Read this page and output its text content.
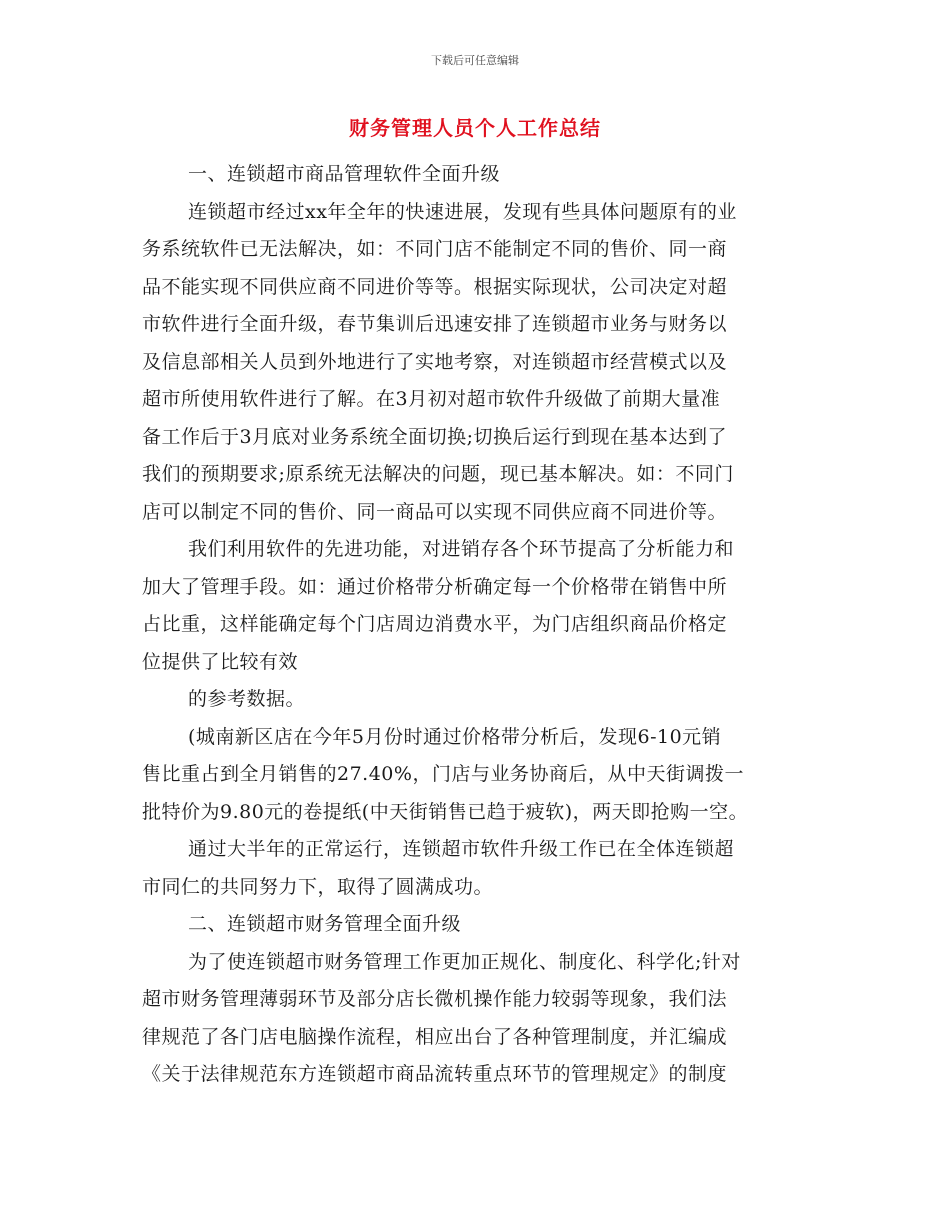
下载后可任意编辑
财务管理人员个人工作总结
一、连锁超市商品管理软件全面升级
连锁超市经过xx年全年的快速进展，发现有些具体问题原有的业
务系统软件已无法解决，如：不同门店不能制定不同的售价、同一商
品不能实现不同供应商不同进价等等。根据实际现状，公司决定对超
市软件进行全面升级，春节集训后迅速安排了连锁超市业务与财务以
及信息部相关人员到外地进行了实地考察，对连锁超市经营模式以及
超市所使用软件进行了解。在3月初对超市软件升级做了前期大量准
备工作后于3月底对业务系统全面切换;切换后运行到现在基本达到了
我们的预期要求;原系统无法解决的问题，现已基本解决。如：不同门
店可以制定不同的售价、同一商品可以实现不同供应商不同进价等。
我们利用软件的先进功能，对进销存各个环节提高了分析能力和
加大了管理手段。如：通过价格带分析确定每一个价格带在销售中所
占比重，这样能确定每个门店周边消费水平，为门店组织商品价格定
位提供了比较有效
的参考数据。
(城南新区店在今年5月份时通过价格带分析后，发现6-10元销
售比重占到全月销售的27.40%，门店与业务协商后，从中天街调拨一
批特价为9.80元的卷提纸(中天街销售已趋于疲软)，两天即抢购一空。
通过大半年的正常运行，连锁超市软件升级工作已在全体连锁超
市同仁的共同努力下，取得了圆满成功。
二、连锁超市财务管理全面升级
为了使连锁超市财务管理工作更加正规化、制度化、科学化;针对
超市财务管理薄弱环节及部分店长微机操作能力较弱等现象，我们法
律规范了各门店电脑操作流程，相应出台了各种管理制度，并汇编成
《关于法律规范东方连锁超市商品流转重点环节的管理规定》的制度
